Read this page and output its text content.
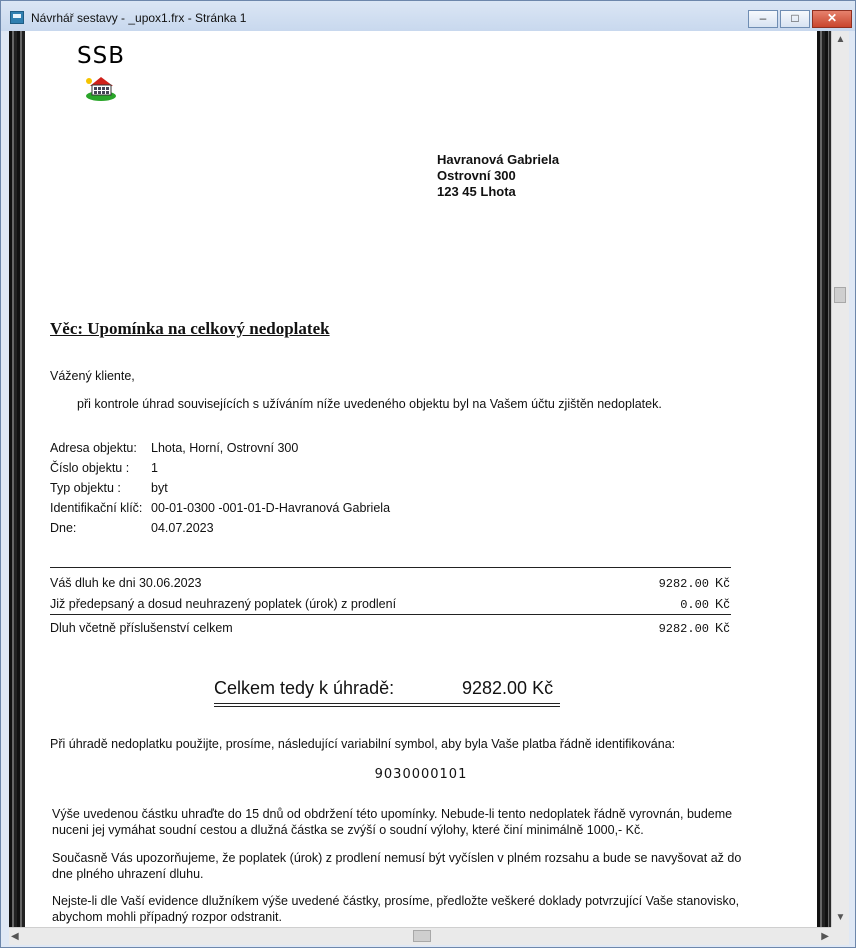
Návrhář sestavy - _upox1.frx - Stránka 1	–	□	✕
SSB
Havranová Gabriela
Ostrovní 300
123 45 Lhota
Věc: Upomínka na celkový nedoplatek
Vážený kliente,
při kontrole úhrad souvisejících s užíváním níže uvedeného objektu byl na Vašem účtu zjištěn nedoplatek.
Adresa objektu: Lhota, Horní, Ostrovní 300
Číslo objektu : 1
Typ objektu : byt
Identifikační klíč: 00-01-0300 -001-01-D-Havranová Gabriela
Dne:	04.07.2023
Váš dluh ke dni 30.06.2023	9282.00 Kč
Již předepsaný a dosud neuhrazený poplatek (úrok) z prodlení	0.00 Kč
Dluh včetně příslušenství celkem	9282.00 Kč
Celkem tedy k úhradě:	9282.00 Kč
Při úhradě nedoplatku použijte, prosíme, následující variabilní symbol, aby byla Vaše platba řádně identifikována:
9030000101
Výše uvedenou částku uhraďte do 15 dnů od obdržení této upomínky. Nebude-li tento nedoplatek řádně vyrovnán, budeme nuceni jej vymáhat soudní cestou a dlužná částka se zvýší o soudní výlohy, které činí minimálně 1000,- Kč.
Současně Vás upozorňujeme, že poplatek (úrok) z prodlení nemusí být vyčíslen v plném rozsahu a bude se navyšovat až do dne plného uhrazení dluhu.
Nejste-li dle Vaší evidence dlužníkem výše uvedené částky, prosíme, předložte veškeré doklady potvrzující Vaše stanovisko, abychom mohli případný rozpor odstranit.
▲
▼
◀	▶
